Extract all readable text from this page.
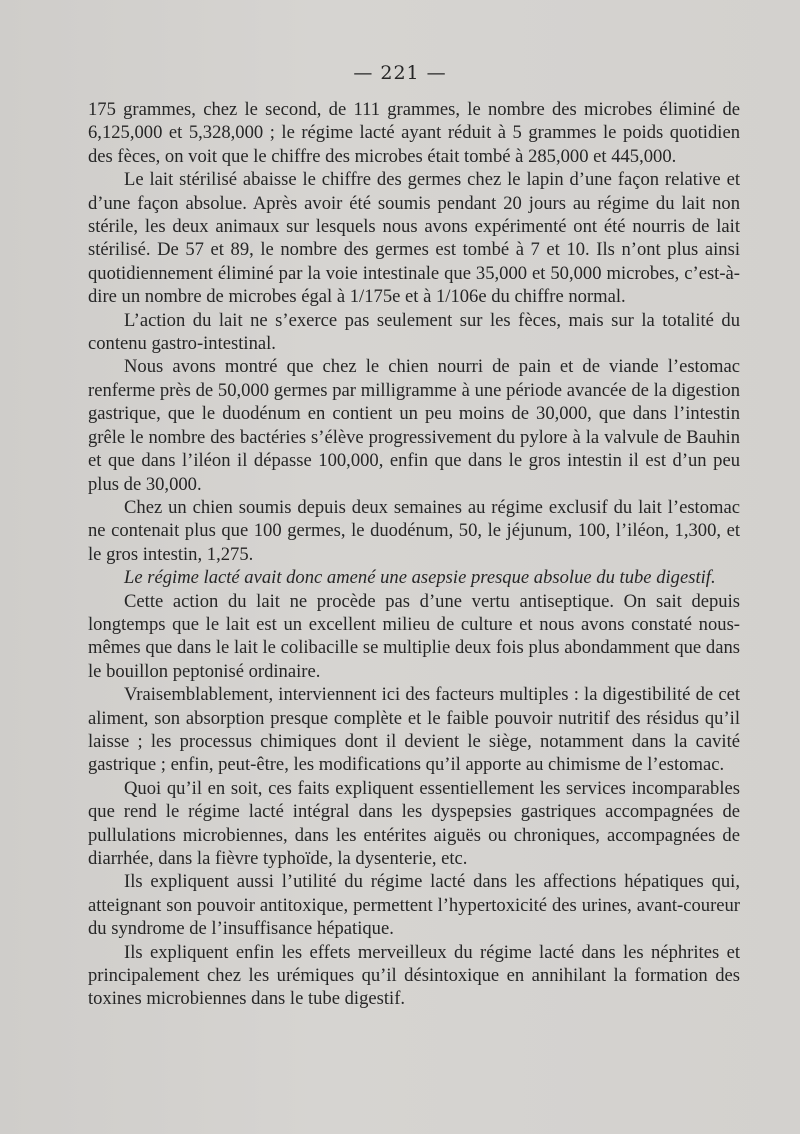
— 221 —

175 grammes, chez le second, de 111 grammes, le nombre des microbes éliminé de 6,125,000 et 5,328,000 ; le régime lacté ayant réduit à 5 grammes le poids quotidien des fèces, on voit que le chiffre des microbes était tombé à 285,000 et 445,000.

Le lait stérilisé abaisse le chiffre des germes chez le lapin d’une façon relative et d’une façon absolue. Après avoir été soumis pendant 20 jours au régime du lait non stérile, les deux animaux sur lesquels nous avons expérimenté ont été nourris de lait stérilisé. De 57 et 89, le nombre des germes est tombé à 7 et 10. Ils n’ont plus ainsi quotidiennement éliminé par la voie intestinale que 35,000 et 50,000 microbes, c’est-à-dire un nombre de microbes égal à 1/175e et à 1/106e du chiffre normal.

L’action du lait ne s’exerce pas seulement sur les fèces, mais sur la totalité du contenu gastro-intestinal.

Nous avons montré que chez le chien nourri de pain et de viande l’estomac renferme près de 50,000 germes par milligramme à une période avancée de la digestion gastrique, que le duodénum en contient un peu moins de 30,000, que dans l’intestin grêle le nombre des bactéries s’élève progressivement du pylore à la valvule de Bauhin et que dans l’iléon il dépasse 100,000, enfin que dans le gros intestin il est d’un peu plus de 30,000.

Chez un chien soumis depuis deux semaines au régime exclusif du lait l’estomac ne contenait plus que 100 germes, le duodénum, 50, le jéjunum, 100, l’iléon, 1,300, et le gros intestin, 1,275.

Le régime lacté avait donc amené une asepsie presque absolue du tube digestif.

Cette action du lait ne procède pas d’une vertu antiseptique. On sait depuis longtemps que le lait est un excellent milieu de culture et nous avons constaté nous-mêmes que dans le lait le colibacille se multiplie deux fois plus abondamment que dans le bouillon peptonisé ordinaire.

Vraisemblablement, interviennent ici des facteurs multiples : la digestibilité de cet aliment, son absorption presque complète et le faible pouvoir nutritif des résidus qu’il laisse ; les processus chimiques dont il devient le siège, notamment dans la cavité gastrique ; enfin, peut-être, les modifications qu’il apporte au chimisme de l’estomac.

Quoi qu’il en soit, ces faits expliquent essentiellement les services incomparables que rend le régime lacté intégral dans les dyspepsies gastriques accompagnées de pullulations microbiennes, dans les entérites aiguës ou chroniques, accompagnées de diarrhée, dans la fièvre typhoïde, la dysenterie, etc.

Ils expliquent aussi l’utilité du régime lacté dans les affections hépatiques qui, atteignant son pouvoir antitoxique, permettent l’hypertoxicité des urines, avant-coureur du syndrome de l’insuffisance hépatique.

Ils expliquent enfin les effets merveilleux du régime lacté dans les néphrites et principalement chez les urémiques qu’il désintoxique en annihilant la formation des toxines microbiennes dans le tube digestif.
